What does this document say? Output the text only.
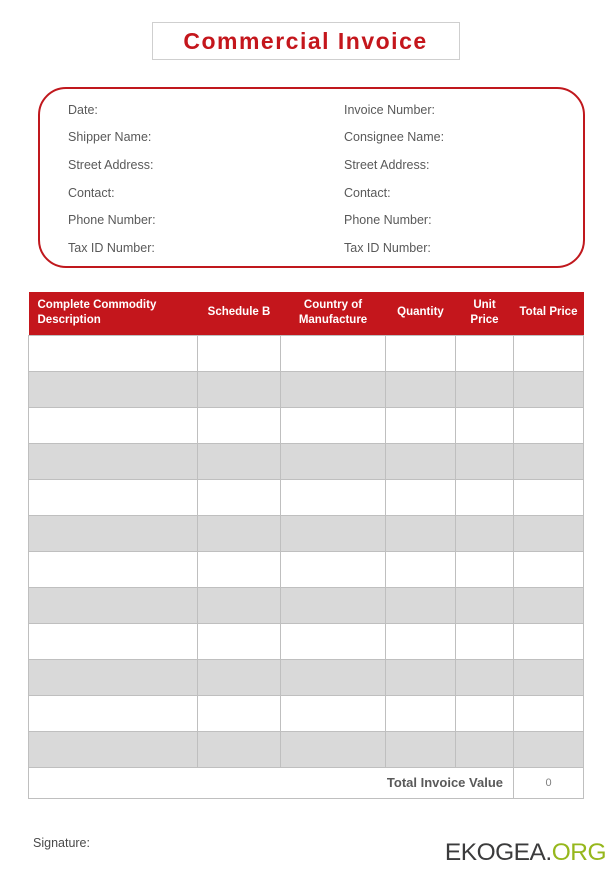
Commercial Invoice
Date:
Shipper Name:
Street Address:
Contact:
Phone Number:
Tax ID Number:
Invoice Number:
Consignee Name:
Street Address:
Contact:
Phone Number:
Tax ID Number:
Complete Commodity Description	Schedule B	Country of Manufacture	Quantity	Unit Price	Total Price

Total Invoice Value					0
Signature:	EKOGEA.ORG
